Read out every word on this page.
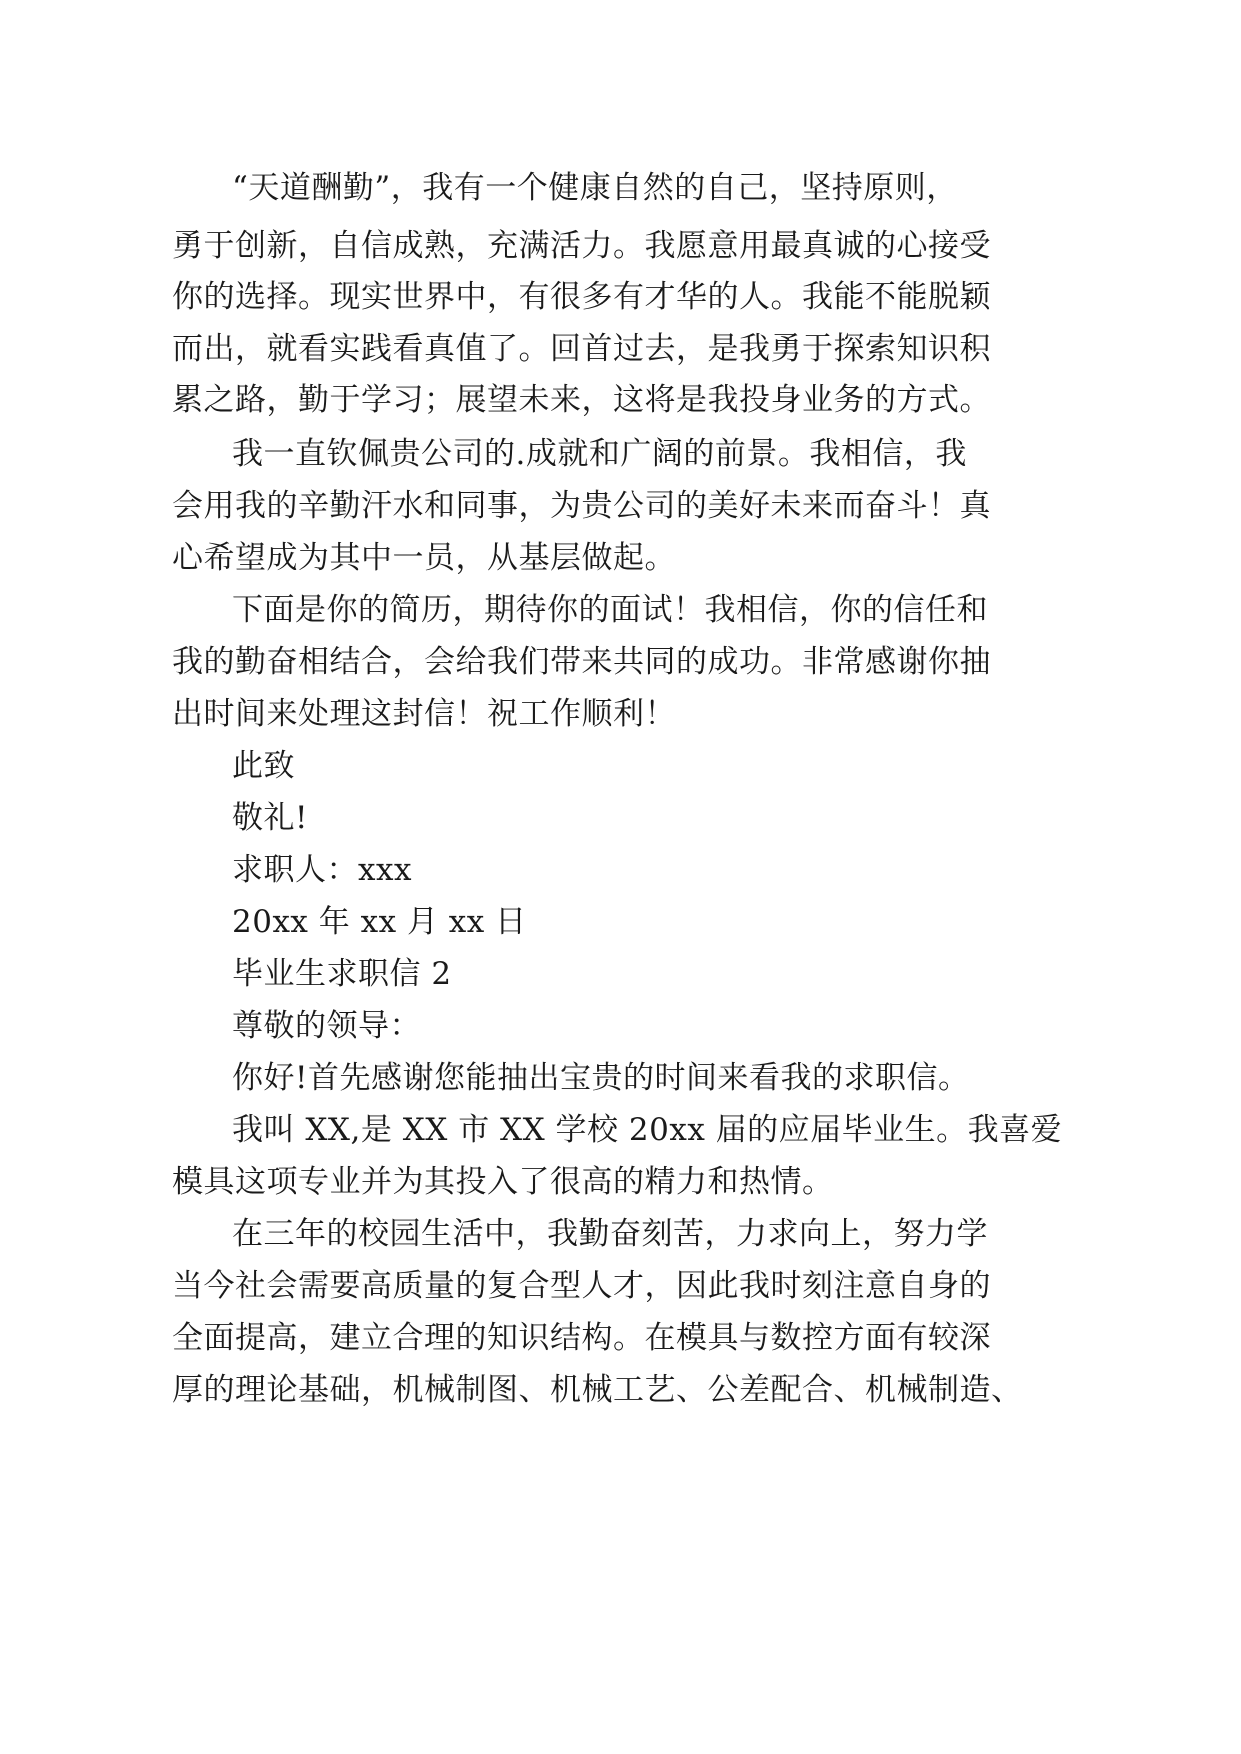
“天道酬勤”，我有一个健康自然的自己，坚持原则，
勇于创新，自信成熟，充满活力。我愿意用最真诚的心接受
你的选择。现实世界中，有很多有才华的人。我能不能脱颖
而出，就看实践看真值了。回首过去，是我勇于探索知识积
累之路，勤于学习；展望未来，这将是我投身业务的方式。
我一直钦佩贵公司的.成就和广阔的前景。我相信，我
会用我的辛勤汗水和同事，为贵公司的美好未来而奋斗！真
心希望成为其中一员，从基层做起。
下面是你的简历，期待你的面试！我相信，你的信任和
我的勤奋相结合，会给我们带来共同的成功。非常感谢你抽
出时间来处理这封信！祝工作顺利！
此致
敬礼!
求职人：xxx
20xx 年 xx 月 xx 日
毕业生求职信 2
尊敬的领导：
你好!首先感谢您能抽出宝贵的时间来看我的求职信。
我叫 XX,是 XX 市 XX 学校 20xx 届的应届毕业生。我喜爱
模具这项专业并为其投入了很高的精力和热情。
在三年的校园生活中，我勤奋刻苦，力求向上，努力学
当今社会需要高质量的复合型人才，因此我时刻注意自身的
全面提高，建立合理的知识结构。在模具与数控方面有较深
厚的理论基础，机械制图、机械工艺、公差配合、机械制造、
